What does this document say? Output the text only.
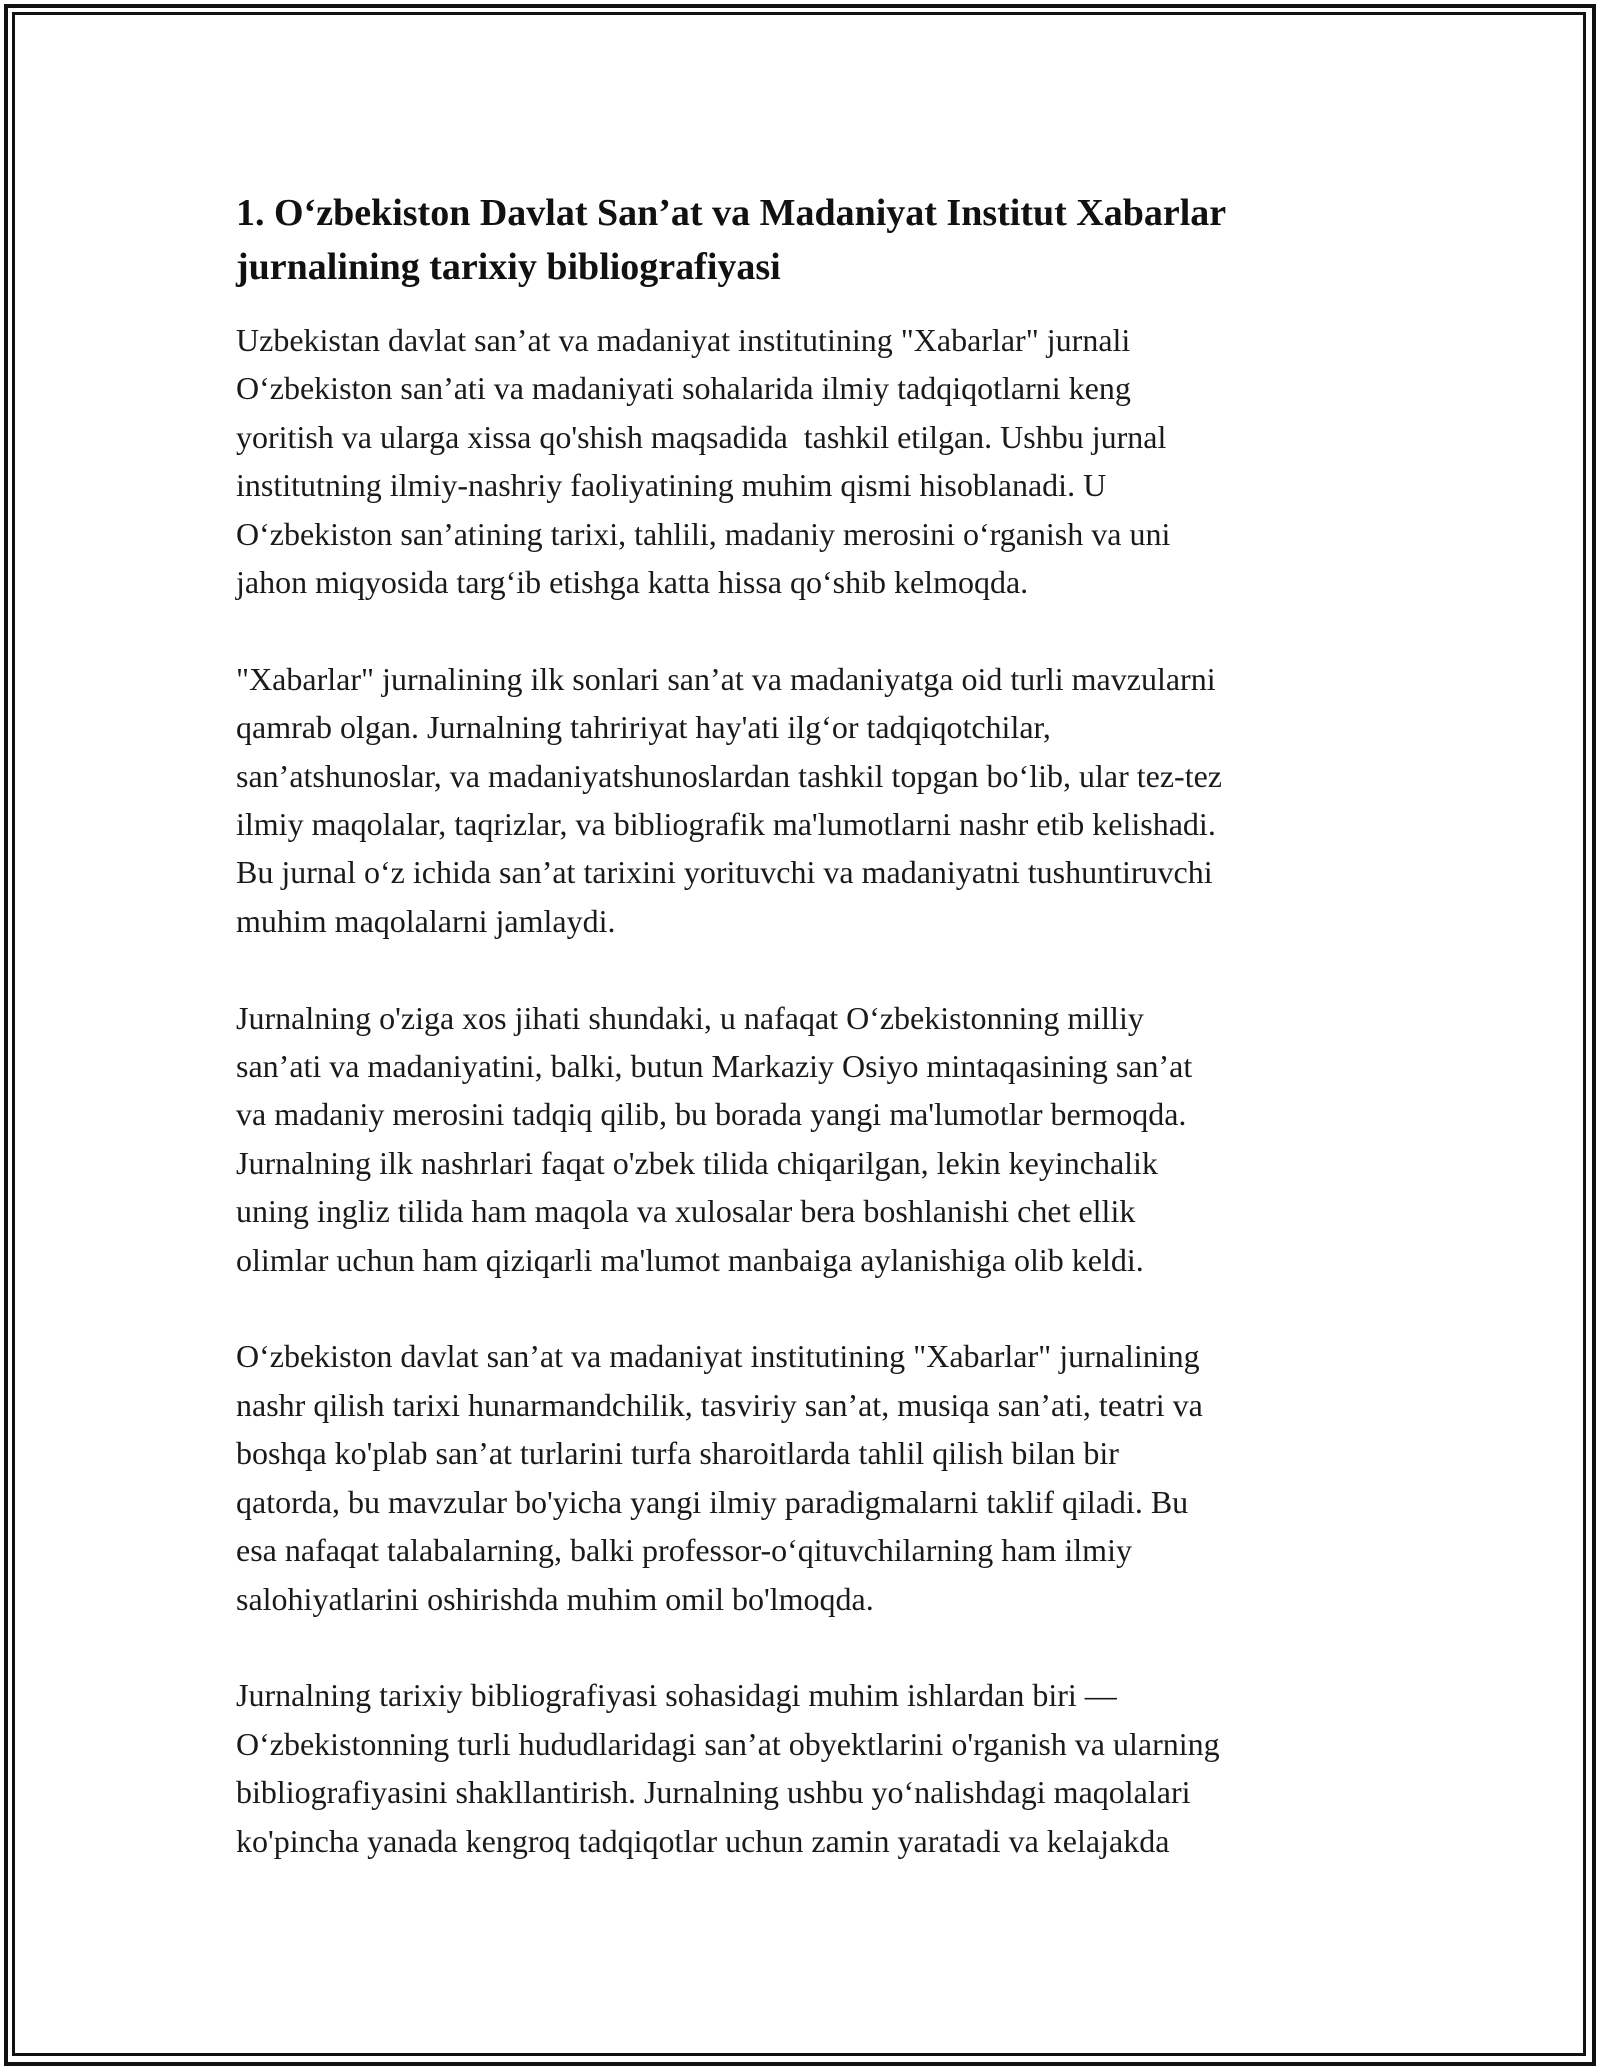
1. O‘zbekiston Davlat San’at va Madaniyat Institut Xabarlar
jurnalining tarixiy bibliografiyasi

Uzbekistan davlat san’at va madaniyat institutining "Xabarlar" jurnali
O‘zbekiston san’ati va madaniyati sohalarida ilmiy tadqiqotlarni keng
yoritish va ularga xissa qo'shish maqsadida  tashkil etilgan. Ushbu jurnal
institutning ilmiy-nashriy faoliyatining muhim qismi hisoblanadi. U
O‘zbekiston san’atining tarixi, tahlili, madaniy merosini o‘rganish va uni
jahon miqyosida targ‘ib etishga katta hissa qo‘shib kelmoqda.

"Xabarlar" jurnalining ilk sonlari san’at va madaniyatga oid turli mavzularni
qamrab olgan. Jurnalning tahririyat hay'ati ilg‘or tadqiqotchilar,
san’atshunoslar, va madaniyatshunoslardan tashkil topgan bo‘lib, ular tez-tez
ilmiy maqolalar, taqrizlar, va bibliografik ma'lumotlarni nashr etib kelishadi.
Bu jurnal o‘z ichida san’at tarixini yorituvchi va madaniyatni tushuntiruvchi
muhim maqolalarni jamlaydi.

Jurnalning o'ziga xos jihati shundaki, u nafaqat O‘zbekistonning milliy
san’ati va madaniyatini, balki, butun Markaziy Osiyo mintaqasining san’at
va madaniy merosini tadqiq qilib, bu borada yangi ma'lumotlar bermoqda.
Jurnalning ilk nashrlari faqat o'zbek tilida chiqarilgan, lekin keyinchalik
uning ingliz tilida ham maqola va xulosalar bera boshlanishi chet ellik
olimlar uchun ham qiziqarli ma'lumot manbaiga aylanishiga olib keldi.

O‘zbekiston davlat san’at va madaniyat institutining "Xabarlar" jurnalining
nashr qilish tarixi hunarmandchilik, tasviriy san’at, musiqa san’ati, teatri va
boshqa ko'plab san’at turlarini turfa sharoitlarda tahlil qilish bilan bir
qatorda, bu mavzular bo'yicha yangi ilmiy paradigmalarni taklif qiladi. Bu
esa nafaqat talabalarning, balki professor-o‘qituvchilarning ham ilmiy
salohiyatlarini oshirishda muhim omil bo'lmoqda.

Jurnalning tarixiy bibliografiyasi sohasidagi muhim ishlardan biri —
O‘zbekistonning turli hududlaridagi san’at obyektlarini o'rganish va ularning
bibliografiyasini shakllantirish. Jurnalning ushbu yo‘nalishdagi maqolalari
ko'pincha yanada kengroq tadqiqotlar uchun zamin yaratadi va kelajakda
